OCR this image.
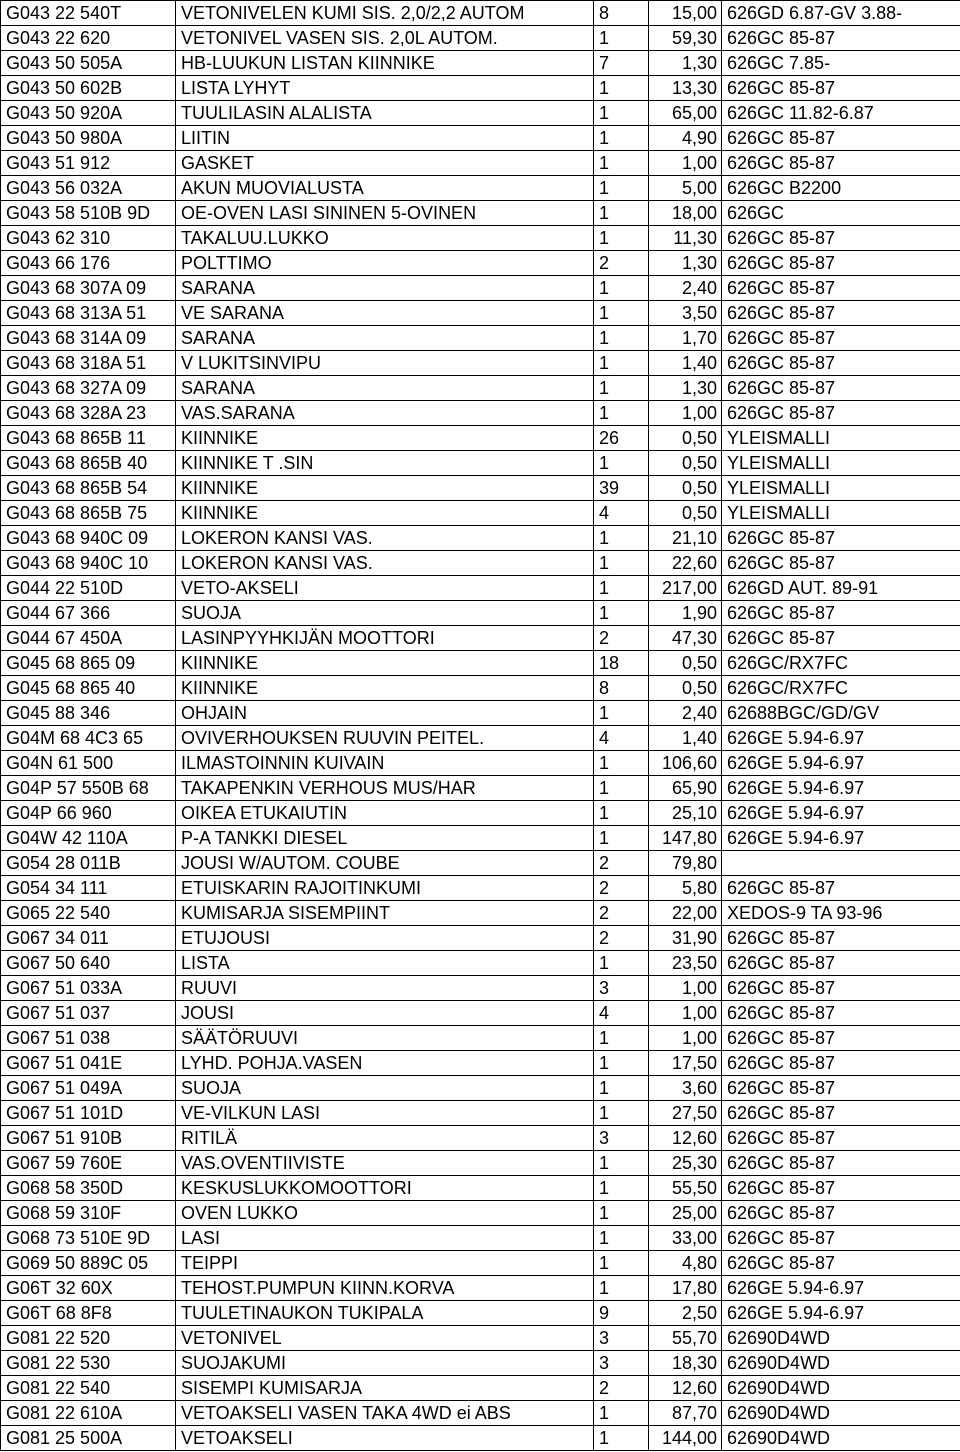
G043 22 540T	VETONIVELEN KUMI SIS. 2,0/2,2 AUTOM	8	15,00	626GD 6.87-GV 3.88-
G043 22 620	VETONIVEL VASEN SIS. 2,0L AUTOM.	1	59,30	626GC 85-87
G043 50 505A	HB-LUUKUN LISTAN KIINNIKE	7	1,30	626GC 7.85-
G043 50 602B	LISTA LYHYT	1	13,30	626GC 85-87
G043 50 920A	TUULILASIN ALALISTA	1	65,00	626GC 11.82-6.87
G043 50 980A	LIITIN	1	4,90	626GC 85-87
G043 51 912	GASKET	1	1,00	626GC 85-87
G043 56 032A	AKUN MUOVIALUSTA	1	5,00	626GC B2200
G043 58 510B 9D	OE-OVEN LASI SININEN 5-OVINEN	1	18,00	626GC
G043 62 310	TAKALUU.LUKKO	1	11,30	626GC 85-87
G043 66 176	POLTTIMO	2	1,30	626GC 85-87
G043 68 307A 09	SARANA	1	2,40	626GC 85-87
G043 68 313A 51	VE SARANA	1	3,50	626GC 85-87
G043 68 314A 09	SARANA	1	1,70	626GC 85-87
G043 68 318A 51	V LUKITSINVIPU	1	1,40	626GC 85-87
G043 68 327A 09	SARANA	1	1,30	626GC 85-87
G043 68 328A 23	VAS.SARANA	1	1,00	626GC 85-87
G043 68 865B 11	KIINNIKE	26	0,50	YLEISMALLI
G043 68 865B 40	KIINNIKE T .SIN	1	0,50	YLEISMALLI
G043 68 865B 54	KIINNIKE	39	0,50	YLEISMALLI
G043 68 865B 75	KIINNIKE	4	0,50	YLEISMALLI
G043 68 940C 09	LOKERON KANSI VAS.	1	21,10	626GC 85-87
G043 68 940C 10	LOKERON KANSI VAS.	1	22,60	626GC 85-87
G044 22 510D	VETO-AKSELI	1	217,00	626GD AUT. 89-91
G044 67 366	SUOJA	1	1,90	626GC 85-87
G044 67 450A	LASINPYYHKIJÄN MOOTTORI	2	47,30	626GC 85-87
G045 68 865 09	KIINNIKE	18	0,50	626GC/RX7FC
G045 68 865 40	KIINNIKE	8	0,50	626GC/RX7FC
G045 88 346	OHJAIN	1	2,40	62688BGC/GD/GV
G04M 68 4C3 65	OVIVERHOUKSEN RUUVIN PEITEL.	4	1,40	626GE 5.94-6.97
G04N 61 500	ILMASTOINNIN KUIVAIN	1	106,60	626GE 5.94-6.97
G04P 57 550B 68	TAKAPENKIN VERHOUS MUS/HAR	1	65,90	626GE 5.94-6.97
G04P 66 960	OIKEA ETUKAIUTIN	1	25,10	626GE 5.94-6.97
G04W 42 110A	P-A TANKKI DIESEL	1	147,80	626GE 5.94-6.97
G054 28 011B	JOUSI W/AUTOM. COUBE	2	79,80	
G054 34 111	ETUISKARIN RAJOITINKUMI	2	5,80	626GC 85-87
G065 22 540	KUMISARJA SISEMPIINT	2	22,00	XEDOS-9 TA 93-96
G067 34 011	ETUJOUSI	2	31,90	626GC 85-87
G067 50 640	LISTA	1	23,50	626GC 85-87
G067 51 033A	RUUVI	3	1,00	626GC 85-87
G067 51 037	JOUSI	4	1,00	626GC 85-87
G067 51 038	SÄÄTÖRUUVI	1	1,00	626GC 85-87
G067 51 041E	LYHD. POHJA.VASEN	1	17,50	626GC 85-87
G067 51 049A	SUOJA	1	3,60	626GC 85-87
G067 51 101D	VE-VILKUN LASI	1	27,50	626GC 85-87
G067 51 910B	RITILÄ	3	12,60	626GC 85-87
G067 59 760E	VAS.OVENTIIVISTE	1	25,30	626GC 85-87
G068 58 350D	KESKUSLUKKOMOOTTORI	1	55,50	626GC 85-87
G068 59 310F	OVEN LUKKO	1	25,00	626GC 85-87
G068 73 510E 9D	LASI	1	33,00	626GC 85-87
G069 50 889C 05	TEIPPI	1	4,80	626GC 85-87
G06T 32 60X	TEHOST.PUMPUN KIINN.KORVA	1	17,80	626GE 5.94-6.97
G06T 68 8F8	TUULETINAUKON TUKIPALA	9	2,50	626GE 5.94-6.97
G081 22 520	VETONIVEL	3	55,70	62690D4WD
G081 22 530	SUOJAKUMI	3	18,30	62690D4WD
G081 22 540	SISEMPI KUMISARJA	2	12,60	62690D4WD
G081 22 610A	VETOAKSELI VASEN TAKA 4WD ei ABS	1	87,70	62690D4WD
G081 25 500A	VETOAKSELI	1	144,00	62690D4WD
